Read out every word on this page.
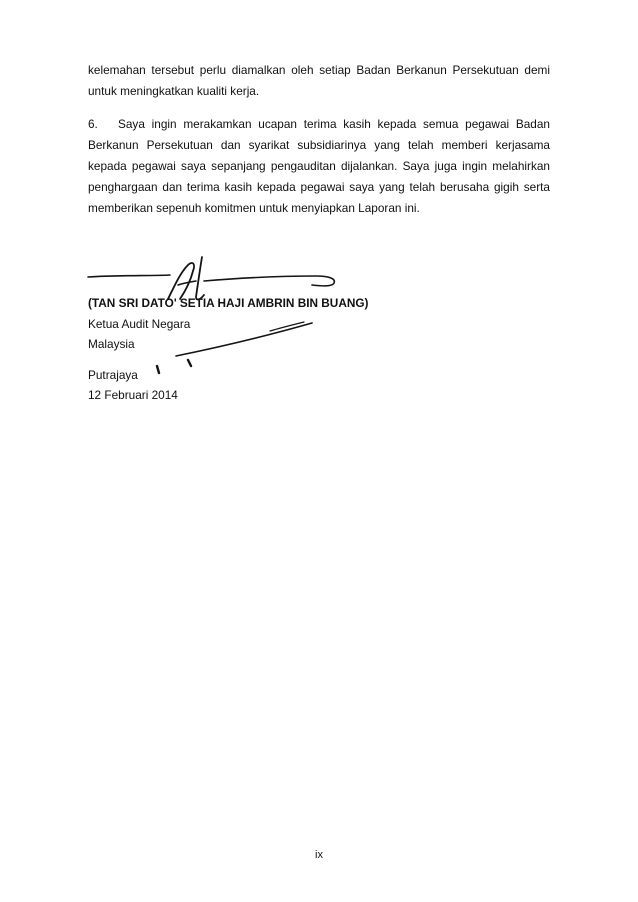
kelemahan tersebut perlu diamalkan oleh setiap Badan Berkanun Persekutuan demi untuk meningkatkan kualiti kerja.

6. Saya ingin merakamkan ucapan terima kasih kepada semua pegawai Badan Berkanun Persekutuan dan syarikat subsidiarinya yang telah memberi kerjasama kepada pegawai saya sepanjang pengauditan dijalankan. Saya juga ingin melahirkan penghargaan dan terima kasih kepada pegawai saya yang telah berusaha gigih serta memberikan sepenuh komitmen untuk menyiapkan Laporan ini.

(TAN SRI DATO' SETIA HAJI AMBRIN BIN BUANG)
Ketua Audit Negara
Malaysia
Putrajaya
12 Februari 2014
ix
